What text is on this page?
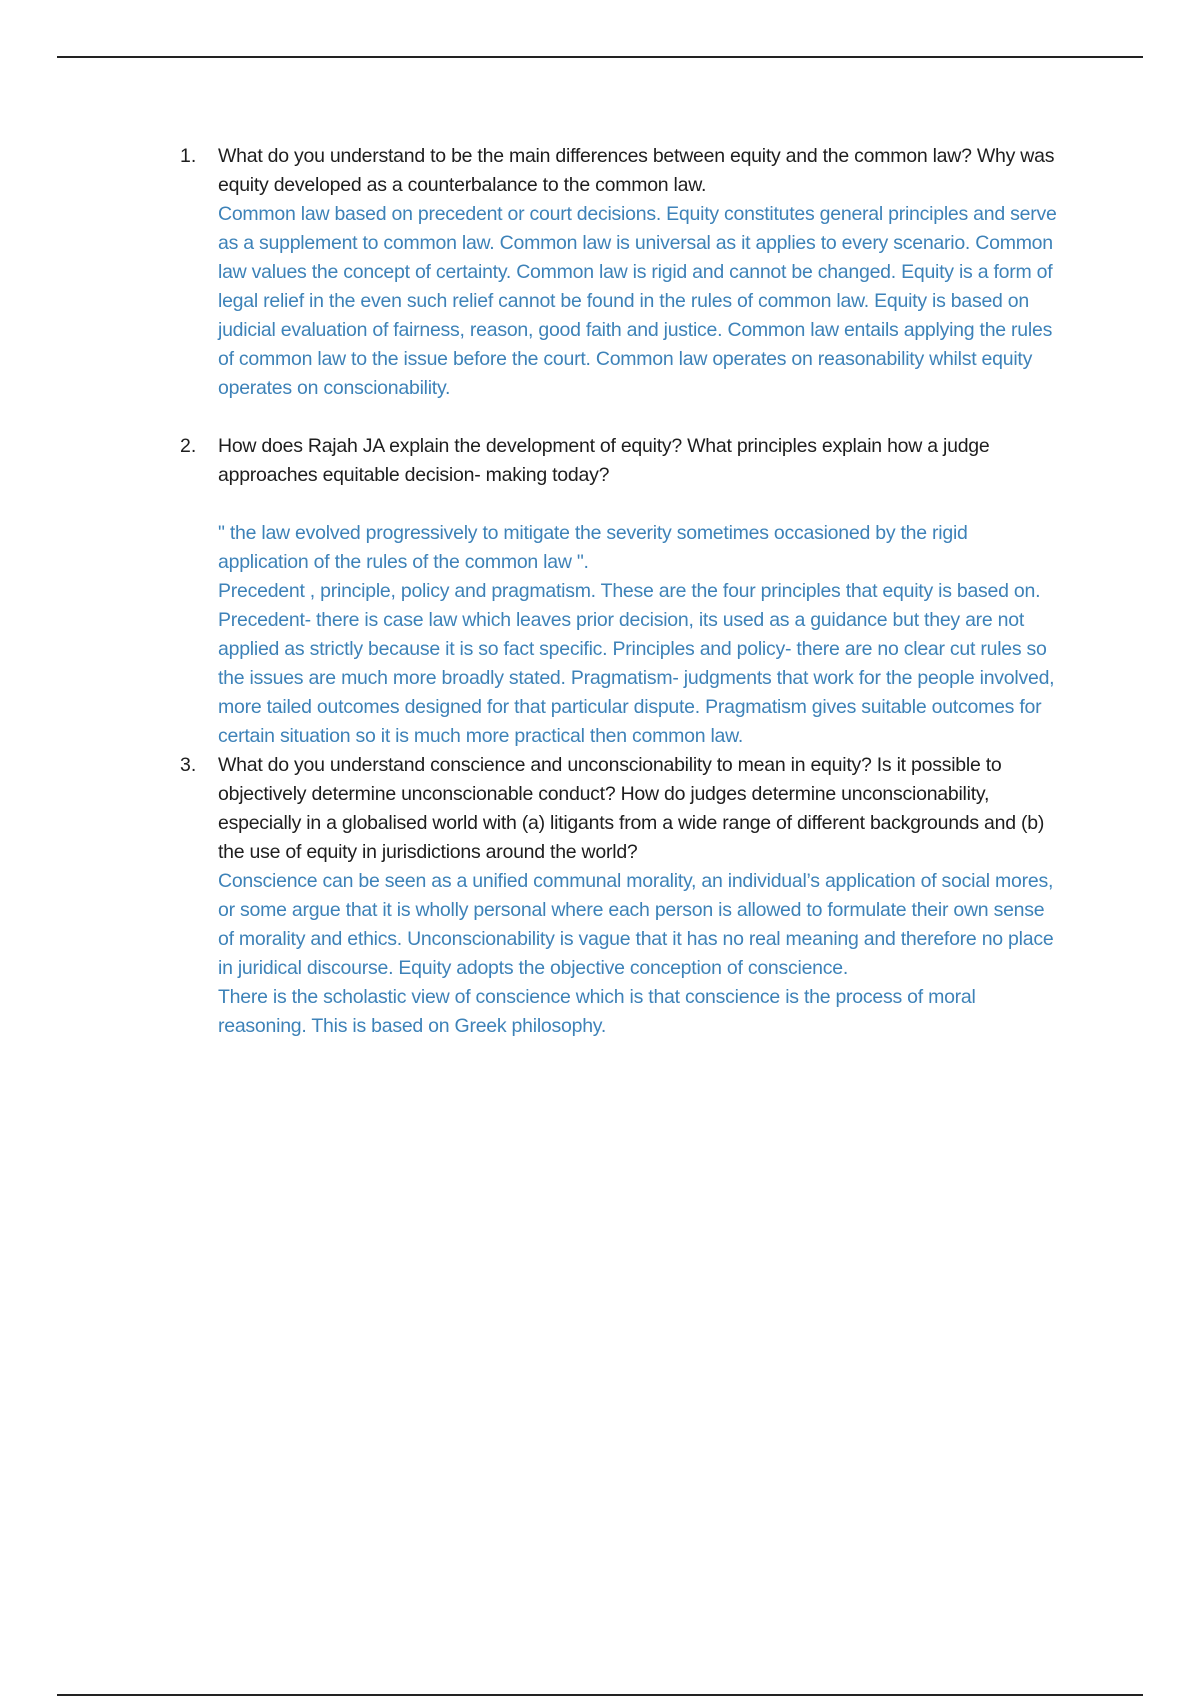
1. What do you understand to be the main differences between equity and the common law? Why was equity developed as a counterbalance to the common law.

Common law based on precedent or court decisions. Equity constitutes general principles and serve as a supplement to common law. Common law is universal as it applies to every scenario. Common law values the concept of certainty. Common law is rigid and cannot be changed. Equity is a form of legal relief in the even such relief cannot be found in the rules of common law. Equity is based on judicial evaluation of fairness, reason, good faith and justice. Common law entails applying the rules of common law to the issue before the court. Common law operates on reasonability whilst equity operates on conscionability.

2. How does Rajah JA explain the development of equity? What principles explain how a judge approaches equitable decision- making today?

" the law evolved progressively to mitigate the severity sometimes occasioned by the rigid application of the rules of the common law ".

Precedent , principle, policy and pragmatism. These are the four principles that equity is based on. Precedent- there is case law which leaves prior decision, its used as a guidance but they are not applied as strictly because it is so fact specific. Principles and policy- there are no clear cut rules so the issues are much more broadly stated. Pragmatism- judgments that work for the people involved, more tailed outcomes designed for that particular dispute. Pragmatism gives suitable outcomes for certain situation so it is much more practical then common law.

3. What do you understand conscience and unconscionability to mean in equity? Is it possible to objectively determine unconscionable conduct? How do judges determine unconscionability, especially in a globalised world with (a) litigants from a wide range of different backgrounds and (b) the use of equity in jurisdictions around the world?

Conscience can be seen as a unified communal morality, an individual’s application of social mores, or some argue that it is wholly personal where each person is allowed to formulate their own sense of morality and ethics. Unconscionability is vague that it has no real meaning and therefore no place in juridical discourse. Equity adopts the objective conception of conscience.

There is the scholastic view of conscience which is that conscience is the process of moral reasoning. This is based on Greek philosophy.
